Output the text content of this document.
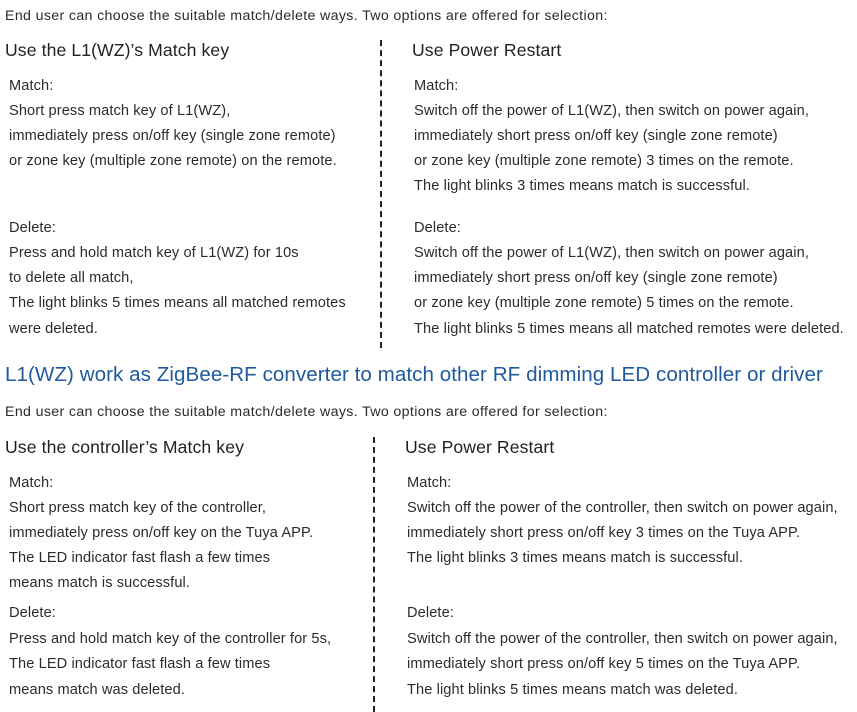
End user can choose the suitable match/delete ways. Two options are offered for selection:
Use the L1(WZ)’s Match key	Use Power Restart
Match:
Short press match key of L1(WZ),
immediately press on/off key (single zone remote)
or zone key (multiple zone remote) on the remote.
Delete:
Press and hold match key of L1(WZ) for 10s
to delete all match,
The light blinks 5 times means all matched remotes
were deleted.
Match:
Switch off the power of L1(WZ), then switch on power again,
immediately short press on/off key (single zone remote)
or zone key (multiple zone remote) 3 times on the remote.
The light blinks 3 times means match is successful.
Delete:
Switch off the power of L1(WZ), then switch on power again,
immediately short press on/off key (single zone remote)
or zone key (multiple zone remote) 5 times on the remote.
The light blinks 5 times means all matched remotes were deleted.
L1(WZ) work as ZigBee-RF converter to match other RF dimming LED controller or driver
End user can choose the suitable match/delete ways. Two options are offered for selection:
Use the controller’s Match key	Use Power Restart
Match:
Short press match key of the controller,
immediately press on/off key on the Tuya APP.
The LED indicator fast flash a few times
means match is successful.
Delete:
Press and hold match key of the controller for 5s,
The LED indicator fast flash a few times
means match was deleted.
Match:
Switch off the power of the controller, then switch on power again,
immediately short press on/off key 3 times on the Tuya APP.
The light blinks 3 times means match is successful.
Delete:
Switch off the power of the controller, then switch on power again,
immediately short press on/off key 5 times on the Tuya APP.
The light blinks 5 times means match was deleted.
